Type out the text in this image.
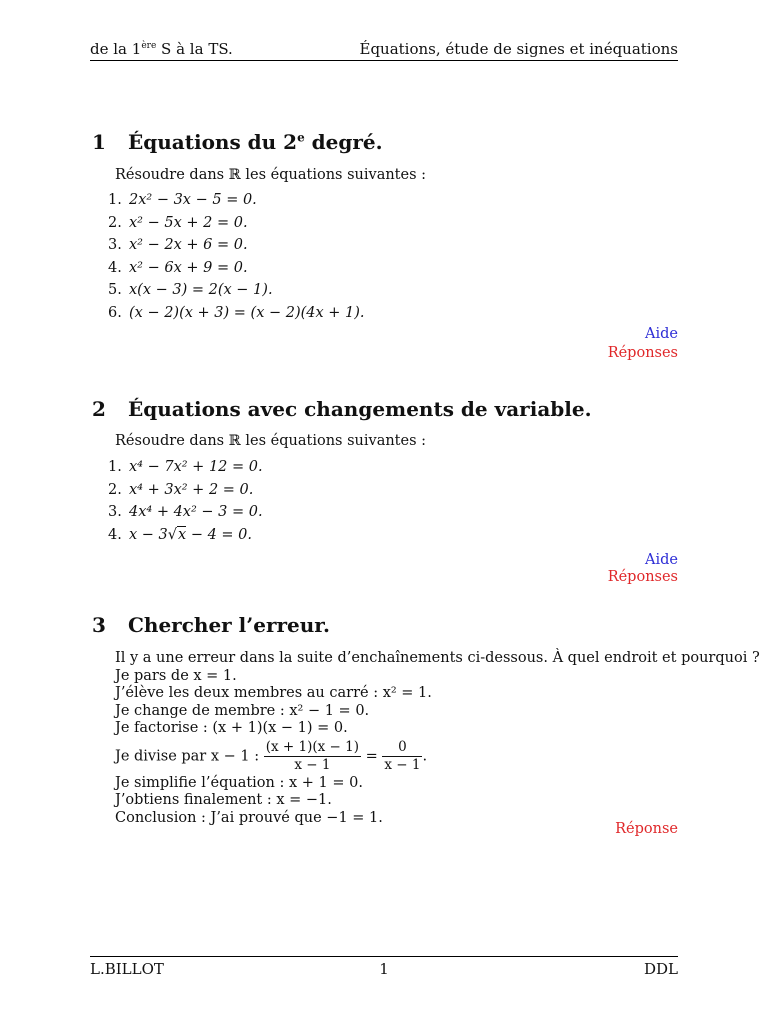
de la 1ère S à la TS.	Équations, étude de signes et inéquations
1 Équations du 2e degré.
Résoudre dans ℝ les équations suivantes :
1. 2x² − 3x − 5 = 0.
2. x² − 5x + 2 = 0.
3. x² − 2x + 6 = 0.
4. x² − 6x + 9 = 0.
5. x(x − 3) = 2(x − 1).
6. (x − 2)(x + 3) = (x − 2)(4x + 1).
Aide
Réponses
2 Équations avec changements de variable.
Résoudre dans ℝ les équations suivantes :
1. x⁴ − 7x² + 12 = 0.
2. x⁴ + 3x² + 2 = 0.
3. 4x⁴ + 4x² − 3 = 0.
4. x − 3√x − 4 = 0.
Aide
Réponses
3 Chercher l’erreur.
Il y a une erreur dans la suite d’enchaînements ci-dessous. À quel endroit et pourquoi ?
Je pars de x = 1.
J’élève les deux membres au carré : x² = 1.
Je change de membre : x² − 1 = 0.
Je factorise : (x + 1)(x − 1) = 0.
Je divise par x − 1 : $\frac{(x + 1)(x - 1)}{x - 1} = \frac{0}{x - 1}$ .
Je simplifie l’équation : x + 1 = 0.
J’obtiens finalement : x = −1.
Conclusion : J’ai prouvé que −1 = 1.
Réponse
L.BILLOT	1	DDL
